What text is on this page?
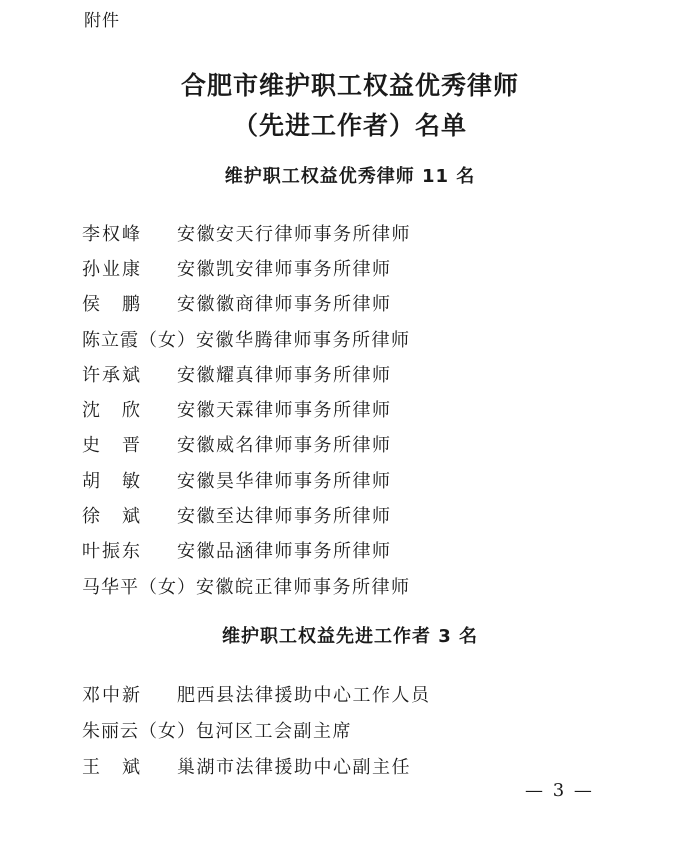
附件
合肥市维护职工权益优秀律师
（先进工作者）名单
维护职工权益优秀律师 11 名
李权峰	安徽安天行律师事务所律师
孙业康	安徽凯安律师事务所律师
侯　鹏	安徽徽商律师事务所律师
陈立霞（女） 安徽华腾律师事务所律师
许承斌	安徽耀真律师事务所律师
沈　欣	安徽天霖律师事务所律师
史　晋	安徽威名律师事务所律师
胡　敏	安徽昊华律师事务所律师
徐　斌	安徽至达律师事务所律师
叶振东	安徽品涵律师事务所律师
马华平（女） 安徽皖正律师事务所律师
维护职工权益先进工作者 3 名
邓中新	肥西县法律援助中心工作人员
朱丽云（女） 包河区工会副主席
王　斌	巢湖市法律援助中心副主任
— 3 —
